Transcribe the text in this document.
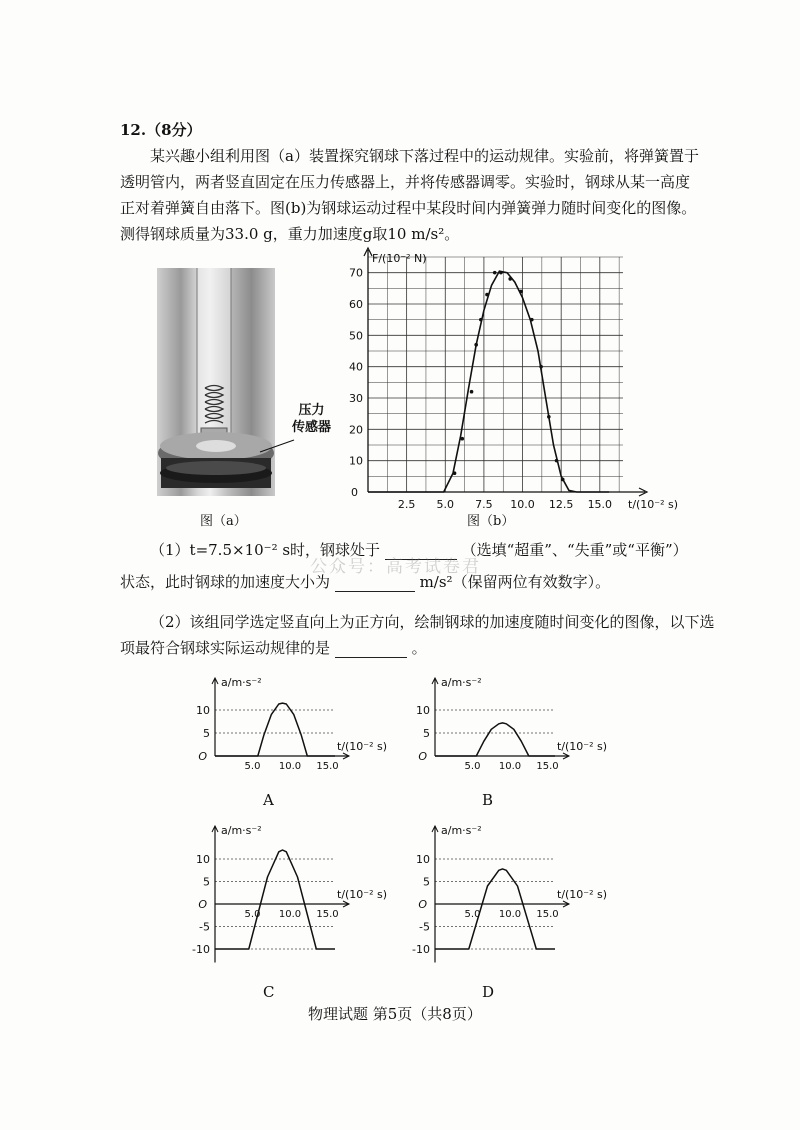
12.（8分）
某兴趣小组利用图（a）装置探究钢球下落过程中的运动规律。实验前，将弹簧置于
透明管内，两者竖直固定在压力传感器上，并将传感器调零。实验时，钢球从某一高度
正对着弹簧自由落下。图(b)为钢球运动过程中某段时间内弹簧弹力随时间变化的图像。
测得钢球质量为33.0 g，重力加速度g取10 m/s²。
压力
传感器
图（a）
10
20
30
40
50
60
70
0
2.5 5.0 7.5 10.0 12.5 15.0
F/(10⁻² N)
t/(10⁻² s)
图（b）
（1）t=7.5×10⁻² s时，钢球处于	（选填“超重”、“失重”或“平衡”）
状态，此时钢球的加速度大小为	m/s²（保留两位有效数字）。
公众号：高考试卷君
（2）该组同学选定竖直向上为正方向，绘制钢球的加速度随时间变化的图像，以下选
项最符合钢球实际运动规律的是	。
5
10
O
5.0 10.0 15.0
a/m·s⁻²
t/(10⁻² s)
5
10
O
5.0 10.0 15.0
a/m·s⁻²
t/(10⁻² s)
-10
-5
5
10
O
5.0 10.0 15.0
a/m·s⁻²
t/(10⁻² s)
-10
-5
5
10
O
5.0 10.0 15.0
a/m·s⁻²
t/(10⁻² s)
A	B
C	D
物理试题 第5页（共8页）
